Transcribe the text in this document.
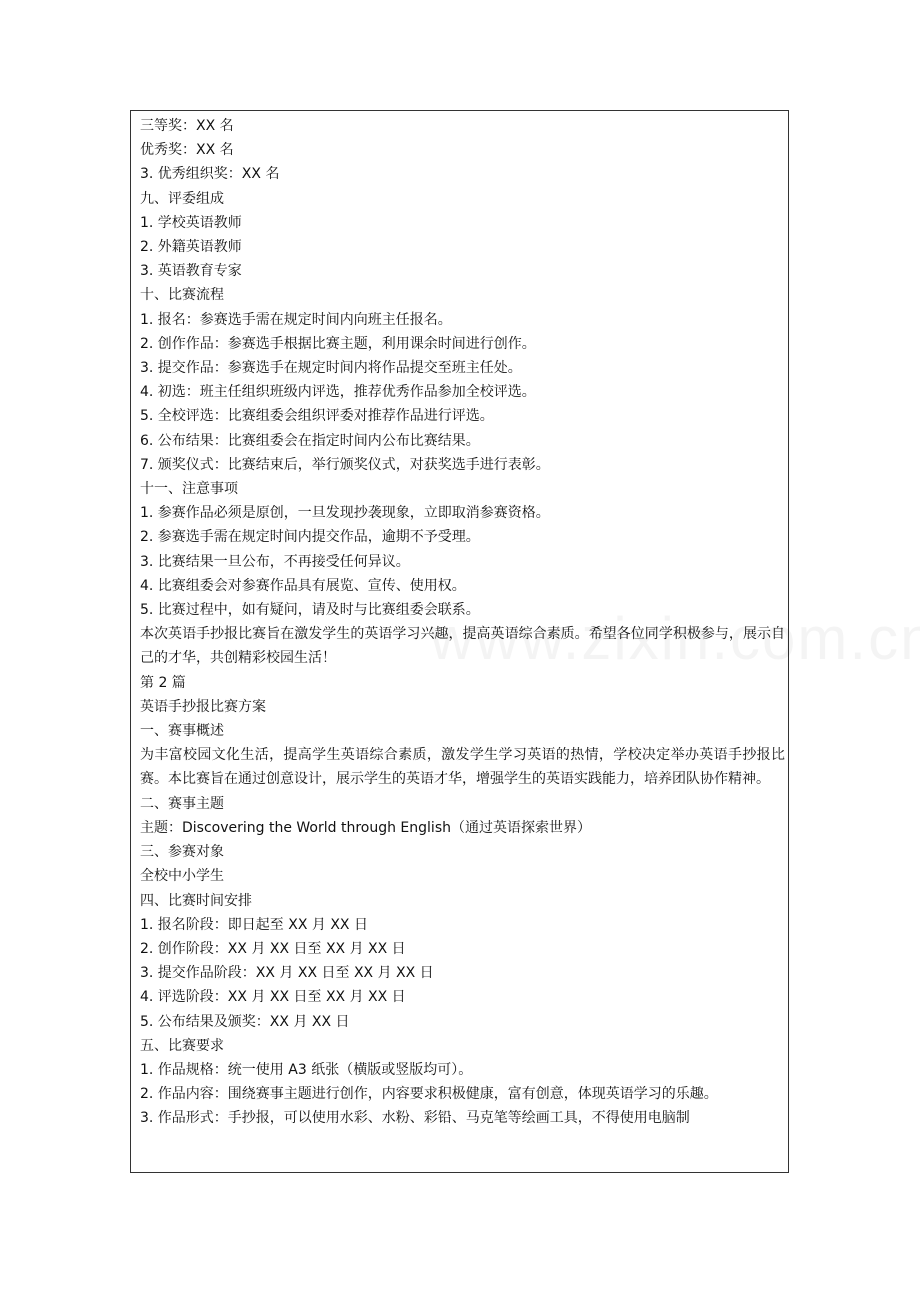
三等奖：XX 名
优秀奖：XX 名
3. 优秀组织奖：XX 名
九、评委组成
1. 学校英语教师
2. 外籍英语教师
3. 英语教育专家
十、比赛流程
1. 报名：参赛选手需在规定时间内向班主任报名。
2. 创作作品：参赛选手根据比赛主题，利用课余时间进行创作。
3. 提交作品：参赛选手在规定时间内将作品提交至班主任处。
4. 初选：班主任组织班级内评选，推荐优秀作品参加全校评选。
5. 全校评选：比赛组委会组织评委对推荐作品进行评选。
6. 公布结果：比赛组委会在指定时间内公布比赛结果。
7. 颁奖仪式：比赛结束后，举行颁奖仪式，对获奖选手进行表彰。
十一、注意事项
1. 参赛作品必须是原创，一旦发现抄袭现象，立即取消参赛资格。
2. 参赛选手需在规定时间内提交作品，逾期不予受理。
3. 比赛结果一旦公布，不再接受任何异议。
4. 比赛组委会对参赛作品具有展览、宣传、使用权。
5. 比赛过程中，如有疑问，请及时与比赛组委会联系。
本次英语手抄报比赛旨在激发学生的英语学习兴趣，提高英语综合素质。希望各位同学积极参与，展示自己的才华，共创精彩校园生活！
第 2 篇
英语手抄报比赛方案
一、赛事概述
为丰富校园文化生活，提高学生英语综合素质，激发学生学习英语的热情，学校决定举办英语手抄报比赛。本比赛旨在通过创意设计，展示学生的英语才华，增强学生的英语实践能力，培养团队协作精神。
二、赛事主题
主题：Discovering the World through English（通过英语探索世界）
三、参赛对象
全校中小学生
四、比赛时间安排
1. 报名阶段：即日起至 XX 月 XX 日
2. 创作阶段：XX 月 XX 日至 XX 月 XX 日
3. 提交作品阶段：XX 月 XX 日至 XX 月 XX 日
4. 评选阶段：XX 月 XX 日至 XX 月 XX 日
5. 公布结果及颁奖：XX 月 XX 日
五、比赛要求
1. 作品规格：统一使用 A3 纸张（横版或竖版均可）。
2. 作品内容：围绕赛事主题进行创作，内容要求积极健康，富有创意，体现英语学习的乐趣。
3. 作品形式：手抄报，可以使用水彩、水粉、彩铅、马克笔等绘画工具，不得使用电脑制
